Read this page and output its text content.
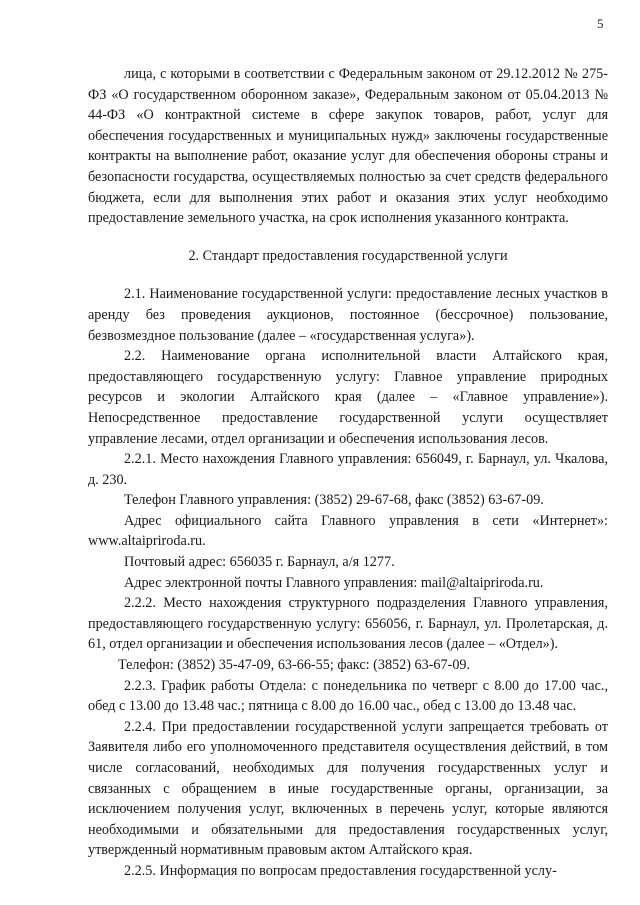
5

лица, с которыми в соответствии с Федеральным законом от 29.12.2012 № 275-ФЗ «О государственном оборонном заказе», Федеральным законом от 05.04.2013 № 44-ФЗ «О контрактной системе в сфере закупок товаров, работ, услуг для обеспечения государственных и муниципальных нужд» заключены государственные контракты на выполнение работ, оказание услуг для обеспечения обороны страны и безопасности государства, осуществляемых полностью за счет средств федерального бюджета, если для выполнения этих работ и оказания этих услуг необходимо предоставление земельного участка, на срок исполнения указанного контракта.

2. Стандарт предоставления государственной услуги

2.1. Наименование государственной услуги: предоставление лесных участков в аренду без проведения аукционов, постоянное (бессрочное) пользование, безвозмездное пользование (далее – «государственная услуга»).

2.2. Наименование органа исполнительной власти Алтайского края, предоставляющего государственную услугу: Главное управление природных ресурсов и экологии Алтайского края (далее – «Главное управление»). Непосредственное предоставление государственной услуги осуществляет управление лесами, отдел организации и обеспечения использования лесов.

2.2.1. Место нахождения Главного управления: 656049, г. Барнаул, ул. Чкалова, д. 230.

Телефон Главного управления: (3852) 29-67-68, факс (3852) 63-67-09.

Адрес официального сайта Главного управления в сети «Интернет»: www.altaipriroda.ru.

Почтовый адрес: 656035 г. Барнаул, а/я 1277.

Адрес электронной почты Главного управления: mail@altaipriroda.ru.

2.2.2. Место нахождения структурного подразделения Главного управления, предоставляющего государственную услугу: 656056, г. Барнаул, ул. Пролетарская, д. 61, отдел организации и обеспечения использования лесов (далее – «Отдел»).

Телефон: (3852) 35-47-09, 63-66-55; факс: (3852) 63-67-09.

2.2.3. График работы Отдела: с понедельника по четверг с 8.00 до 17.00 час., обед с 13.00 до 13.48 час.; пятница с 8.00 до 16.00 час., обед с 13.00 до 13.48 час.

2.2.4. При предоставлении государственной услуги запрещается требовать от Заявителя либо его уполномоченного представителя осуществления действий, в том числе согласований, необходимых для получения государственных услуг и связанных с обращением в иные государственные органы, организации, за исключением получения услуг, включенных в перечень услуг, которые являются необходимыми и обязательными для предоставления государственных услуг, утвержденный нормативным правовым актом Алтайского края.

2.2.5. Информация по вопросам предоставления государственной услу-
